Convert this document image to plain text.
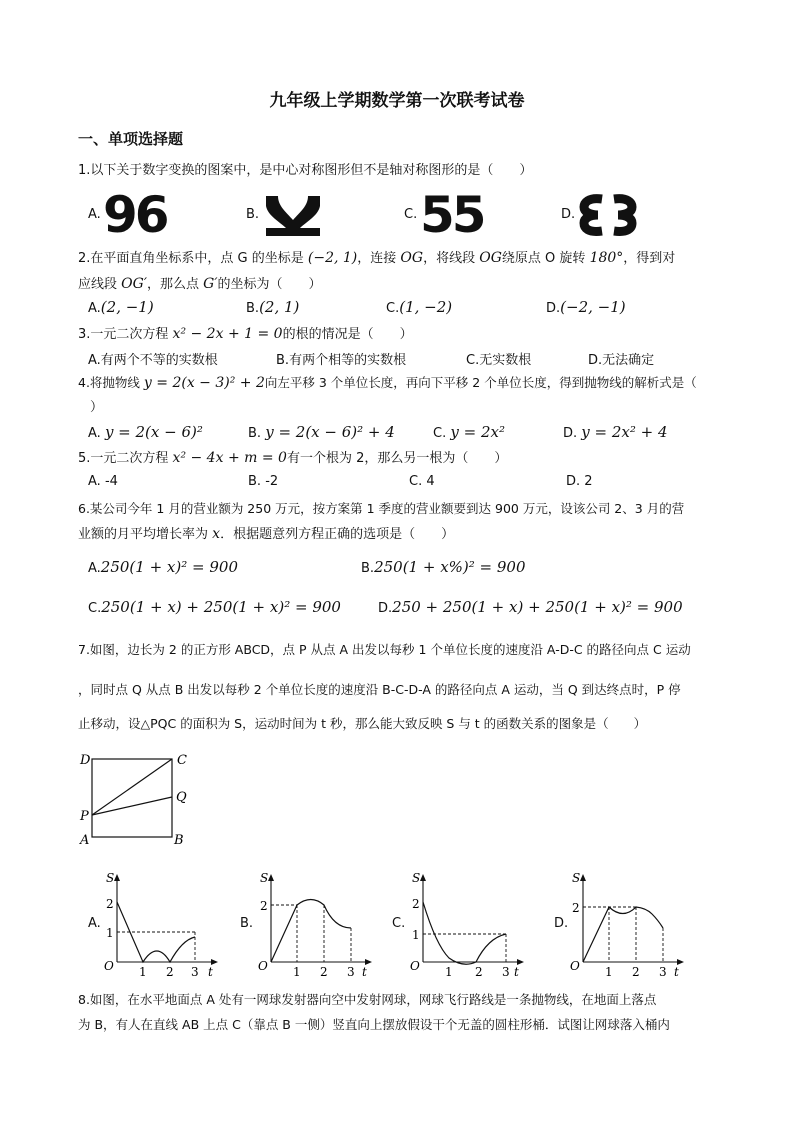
九年级上学期数学第一次联考试卷
一、单项选择题
1.以下关于数字变换的图案中，是中心对称图形但不是轴对称图形的是（　　）
A. 96	B.	C. 55	D.
2.在平面直角坐标系中，点 G 的坐标是 (−2, 1)，连接 OG，将线段 OG绕原点 O 旋转 180°，得到对
应线段 OG′，那么点 G′的坐标为（　　）
A.(2, −1)	B.(2, 1)	C.(1, −2)	D.(−2, −1)
3.一元二次方程 x² − 2x + 1 = 0的根的情况是（　　）
A.有两个不等的实数根	B.有两个相等的实数根	C.无实数根	D.无法确定
4.将抛物线 y = 2(x − 3)² + 2向左平移 3 个单位长度，再向下平移 2 个单位长度，得到抛物线的解析式是（
）
A. y = 2(x − 6)²	B. y = 2(x − 6)² + 4	C. y = 2x²	D. y = 2x² + 4
5.一元二次方程 x² − 4x + m = 0有一个根为 2，那么另一根为（　　）
A. -4	B. -2	C. 4	D. 2
6.某公司今年 1 月的营业额为 250 万元，按方案第 1 季度的营业额要到达 900 万元，设该公司 2、3 月的营
业额的月平均增长率为 x．根据题意列方程正确的选项是（　　）
A.250(1 + x)² = 900	B.250(1 + x%)² = 900
C.250(1 + x) + 250(1 + x)² = 900	D.250 + 250(1 + x) + 250(1 + x)² = 900
7.如图，边长为 2 的正方形 ABCD，点 P 从点 A 出发以每秒 1 个单位长度的速度沿 A-D-C 的路径向点 C 运动
，同时点 Q 从点 B 出发以每秒 2 个单位长度的速度沿 B-C-D-A 的路径向点 A 运动，当 Q 到达终点时，P 停
止移动，设△PQC 的面积为 S，运动时间为 t 秒，那么能大致反映 S 与 t 的函数关系的图象是（　　）
D	C
Q
P
A	B
A.
S
t
O
2
1
1 2 3
B.
S
t
O
2
1 2 3
C.
S
t
O
2
1
1 2 3
D.
S
t
O
2
1 2 3
8.如图，在水平地面点 A 处有一网球发射器向空中发射网球，网球飞行路线是一条抛物线，在地面上落点
为 B，有人在直线 AB 上点 C（靠点 B 一侧）竖直向上摆放假设干个无盖的圆柱形桶．试图让网球落入桶内
